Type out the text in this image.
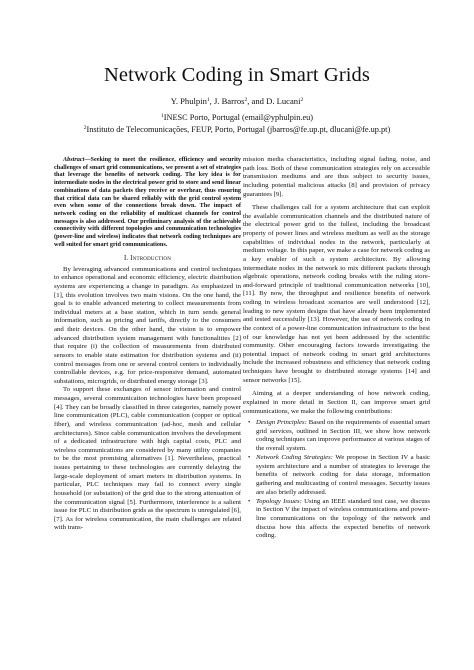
Network Coding in Smart Grids
Y. Phulpin$^1$, J. Barros$^2$, and D. Lucani$^2$
$^1$INESC Porto, Portugal (email@yphulpin.eu)
$^2$Instituto de Telecomunicações, FEUP, Porto, Portugal (jbarros@fe.up.pt, dlucani@fe.up.pt)

Abstract—Seeking to meet the resilience, efficiency and security challenges of smart grid communications, we present a set of strategies that leverage the benefits of network coding. The key idea is for intermediate nodes in the electrical power grid to store and send linear combinations of data packets they receive or overhear, thus ensuring that critical data can be shared reliably with the grid control system even when some of the connections break down. The impact of network coding on the reliability of multicast channels for control messages is also addressed. Our preliminary analysis of the achievable connectivity with different topologies and communication technologies (power-line and wireless) indicates that network coding techniques are well suited for smart grid communications.

I. Introduction

By leveraging advanced communications and control techniques to enhance operational and economic efficiency, electric distribution systems are experiencing a change in paradigm. As emphasized in [1], this evolution involves two main visions. On the one hand, the goal is to enable advanced metering to collect measurements from individual meters at a base station, which in turn sends general information, such as pricing and tariffs, directly to the consumers and their devices. On the other hand, the vision is to empower advanced distribution system management with functionalities [2] that require (i) the collection of measurements from distributed sensors to enable state estimation for distribution systems and (ii) control messages from one or several control centers to individually controllable devices, e.g. for price-responsive demand, automated substations, microgrids, or distributed energy storage [3].

To support these exchanges of sensor information and control messages, several communication technologies have been proposed [4]. They can be broadly classified in three categories, namely power line communication (PLC), cable communication (copper or optical fiber), and wireless communication (ad-hoc, mesh and cellular architectures). Since cable communication involves the development of a dedicated infrastructure with high capital costs, PLC and wireless communications are considered by many utility companies to be the most promising alternatives [1]. Nevertheless, practical issues pertaining to these technologies are currently delaying the large-scale deployment of smart meters in distribution systems. In particular, PLC techniques may fail to connect every single household (or substation) of the grid due to the strong attenuation of the communication signal [5]. Furthermore, interference is a salient issue for PLC in distribution grids as the spectrum is unregulated [6], [7]. As for wireless communication, the main challenges are related with trans-

mission media characteristics, including signal fading, noise, and path loss. Both of these communication strategies rely on accessible transmission mediums and are thus subject to security issues, including potential malicious attacks [8] and provision of privacy guarantees [9].

These challenges call for a system architecture that can exploit the available communication channels and the distributed nature of the electrical power grid to the fullest, including the broadcast property of power lines and wireless medium as well as the storage capabilities of individual nodes in the network, particularly at medium voltage. In this paper, we make a case for network coding as a key enabler of such a system architecture. By allowing intermediate nodes in the network to mix different packets through algebraic operations, network coding breaks with the ruling store-and-forward principle of traditional communication networks [10], [11]. By now, the throughput and resilience benefits of network coding in wireless broadcast scenarios are well understood [12], leading to new system designs that have already been implemented and tested successfully [13]. However, the use of network coding in the context of a power-line communication infrastructure to the best of our knowledge has not yet been addressed by the scientific community. Other encouraging factors towards investigating the potential impact of network coding in smart grid architectures include the increased robustness and efficiency that network coding techniques have brought to distributed storage systems [14] and sensor networks [15].

Aiming at a deeper understanding of how network coding, explained in more detail in Section II, can improve smart grid communications, we make the following contributions:

• Design Principles: Based on the requirements of essential smart grid services, outlined in Section III, we show how network coding techniques can improve performance at various stages of the overall system.
• Network Coding Strategies: We propose in Section IV a basic system architecture and a number of strategies to leverage the benefits of network coding for data storage, information gathering and multicasting of control messages. Security issues are also briefly addressed.
• Topology Issues: Using an IEEE standard test case, we discuss in Section V the impact of wireless communications and power-line communications on the topology of the network and discuss how this affects the expected benefits of network coding.
